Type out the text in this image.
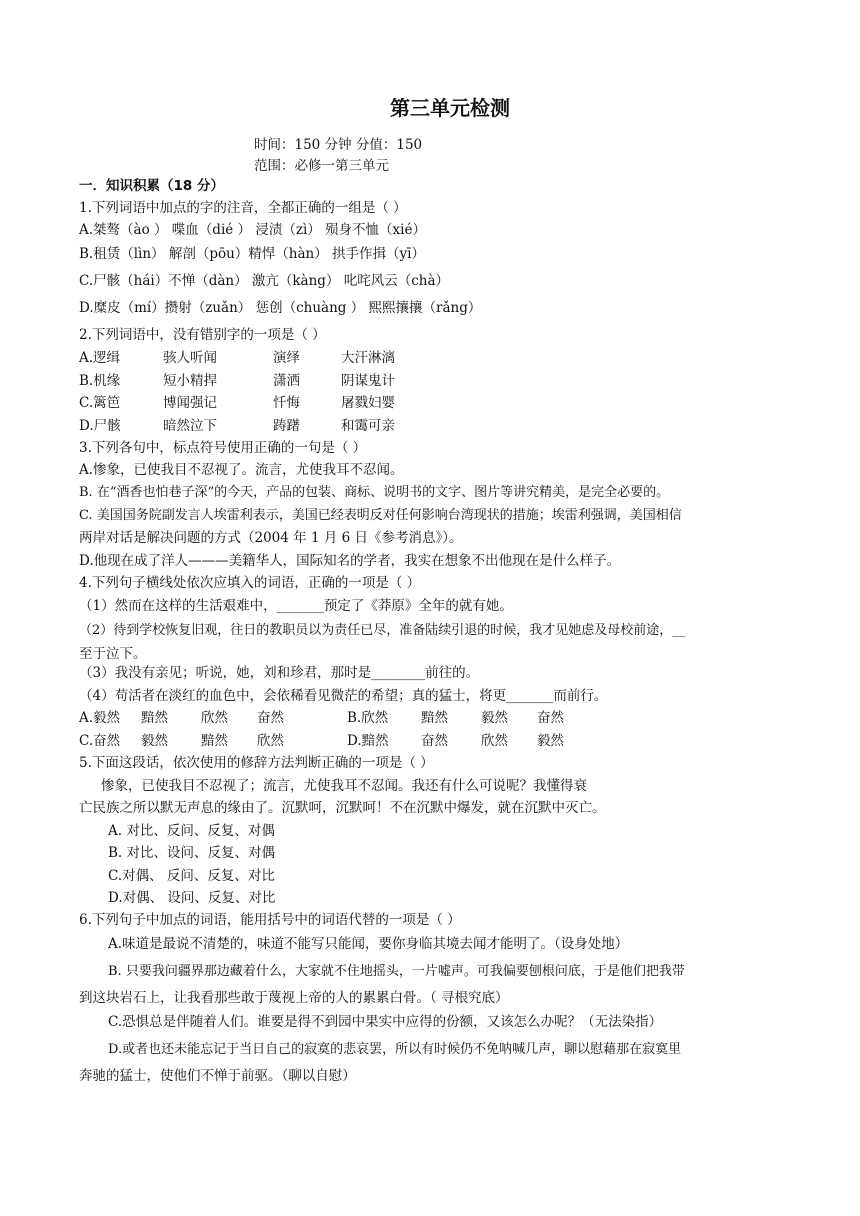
第三单元检测
时间：150 分钟 分值：150
范围：必修一第三单元
一．知识积累（18 分）
1.下列词语中加点的字的注音，全都正确的一组是（ ）
A.桀骜（ào ） 喋血（dié ） 浸渍（zì） 殒身不恤（xié）
B.租赁（lìn） 解剖（pōu）精悍（hàn） 拱手作揖（yī）
C.尸骸（hái）不惮（dàn） 激亢（kàng） 叱咤风云（chà）
D.糜皮（mí）攒射（zuǎn） 惩创（chuàng ） 熙熙攘攘（rǎng）
2.下列词语中，没有错别字的一项是（ ）
A.逻缉	骇人听闻	演绎	大汗淋漓
B.机缘	短小精捍	潇洒	阴谋鬼计
C.篱笆	博闻强记	忏悔	屠戮妇婴
D.尸骸	暗然泣下	踌躇	和霭可亲
3.下列各句中，标点符号使用正确的一句是（ ）
A.惨象，已使我目不忍视了。流言，尤使我耳不忍闻。
B. 在“酒香也怕巷子深”的今天，产品的包装、商标、说明书的文字、图片等讲究精美，是完全必要的。
C. 美国国务院副发言人埃雷利表示，美国已经表明反对任何影响台湾现状的措施；埃雷利强调，美国相信
两岸对话是解决问题的方式（2004 年 1 月 6 日《参考消息》）。
D.他现在成了洋人———美籍华人，国际知名的学者，我实在想象不出他现在是什么样子。
4.下列句子横线处依次应填入的词语，正确的一项是（ ）
（1）然而在这样的生活艰难中，_______预定了《莽原》全年的就有她。
（2）待到学校恢复旧观，往日的教职员以为责任已尽，准备陆续引退的时候，我才见她虑及母校前途，__
至于泣下。
（3）我没有亲见；听说，她，刘和珍君，那时是________前往的。
（4）苟活者在淡红的血色中，会依稀看见微茫的希望；真的猛士，将更_______而前行。
A.毅然 黯然 欣然 奋然	B.欣然 黯然 毅然 奋然
C.奋然 毅然 黯然 欣然	D.黯然 奋然 欣然 毅然
5.下面这段话，依次使用的修辞方法判断正确的一项是（ ）
惨象，已使我目不忍视了；流言，尤使我耳不忍闻。我还有什么可说呢？我懂得衰
亡民族之所以默无声息的缘由了。沉默呵，沉默呵！不在沉默中爆发，就在沉默中灭亡。
A. 对比、反问、反复、对偶
B. 对比、设问、反复、对偶
C.对偶、 反问、反复、对比
D.对偶、 设问、反复、对比
6.下列句子中加点的词语，能用括号中的词语代替的一项是（ ）
A.味道是最说不清楚的，味道不能写只能闻，要你身临其境去闻才能明了。（设身处地）
B. 只要我问疆界那边藏着什么，大家就不住地摇头，一片嘘声。可我偏要刨根问底，于是他们把我带
到这块岩石上，让我看那些敢于蔑视上帝的人的累累白骨。（ 寻根究底）
C.恐惧总是伴随着人们。谁要是得不到园中果实中应得的份额，又该怎么办呢？（无法染指）
D.或者也还未能忘记于当日自己的寂寞的悲哀罢，所以有时候仍不免呐喊几声，聊以慰藉那在寂寞里
奔驰的猛士，使他们不惮于前驱。（聊以自慰）
